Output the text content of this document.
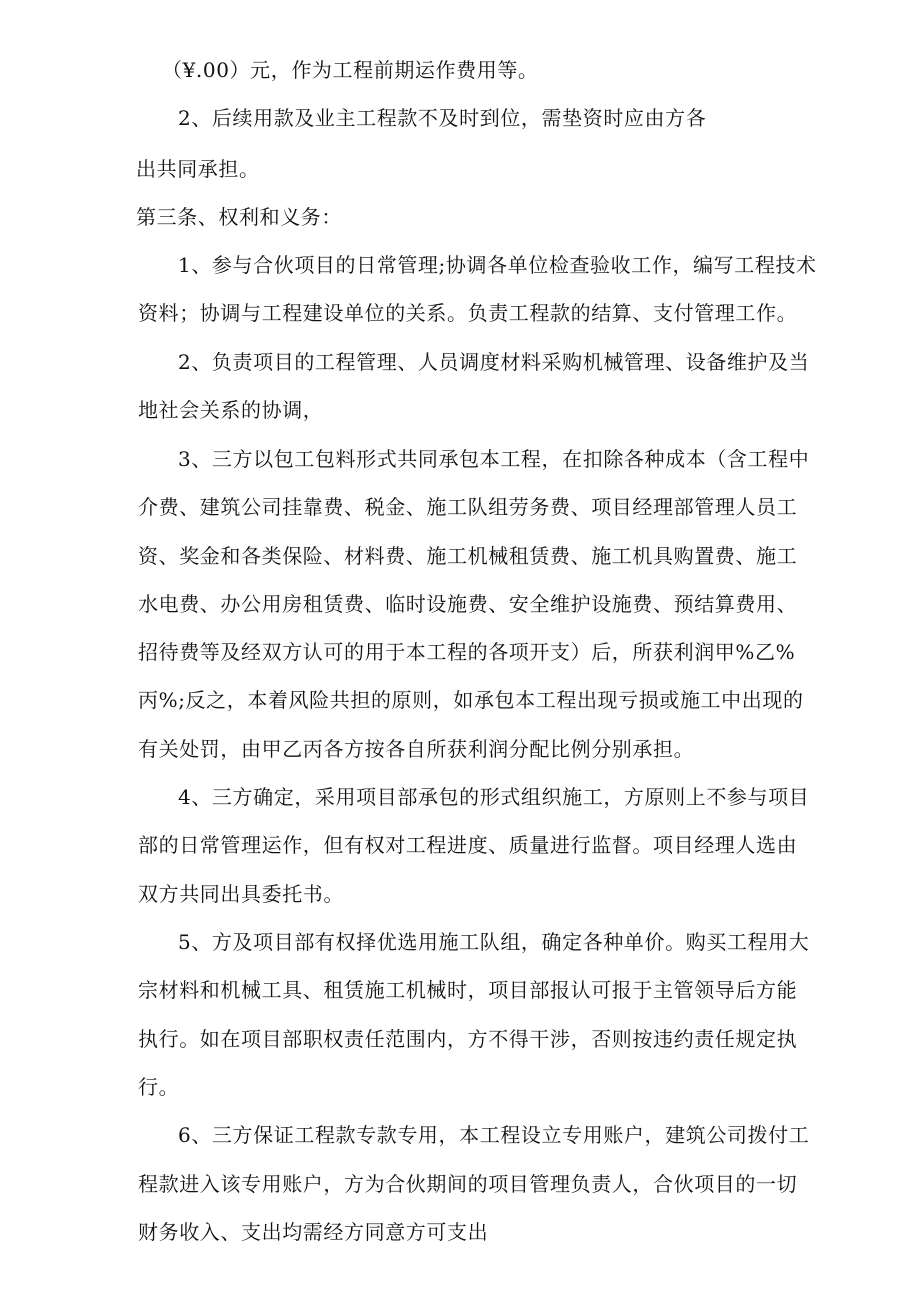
（¥.00）元，作为工程前期运作费用等。
2、后续用款及业主工程款不及时到位，需垫资时应由方各
出共同承担。
第三条、权利和义务：
1、参与合伙项目的日常管理;协调各单位检查验收工作，编写工程技术
资料；协调与工程建设单位的关系。负责工程款的结算、支付管理工作。
2、负责项目的工程管理、人员调度材料采购机械管理、设备维护及当
地社会关系的协调，
3、三方以包工包料形式共同承包本工程，在扣除各种成本（含工程中
介费、建筑公司挂靠费、税金、施工队组劳务费、项目经理部管理人员工
资、奖金和各类保险、材料费、施工机械租赁费、施工机具购置费、施工
水电费、办公用房租赁费、临时设施费、安全维护设施费、预结算费用、
招待费等及经双方认可的用于本工程的各项开支）后，所获利润甲%乙%
丙%;反之，本着风险共担的原则，如承包本工程出现亏损或施工中出现的
有关处罚，由甲乙丙各方按各自所获利润分配比例分别承担。
4、三方确定，采用项目部承包的形式组织施工，方原则上不参与项目
部的日常管理运作，但有权对工程进度、质量进行监督。项目经理人选由
双方共同出具委托书。
5、方及项目部有权择优选用施工队组，确定各种单价。购买工程用大
宗材料和机械工具、租赁施工机械时，项目部报认可报于主管领导后方能
执行。如在项目部职权责任范围内，方不得干涉，否则按违约责任规定执
行。
6、三方保证工程款专款专用，本工程设立专用账户，建筑公司拨付工
程款进入该专用账户，方为合伙期间的项目管理负责人，合伙项目的一切
财务收入、支出均需经方同意方可支出
